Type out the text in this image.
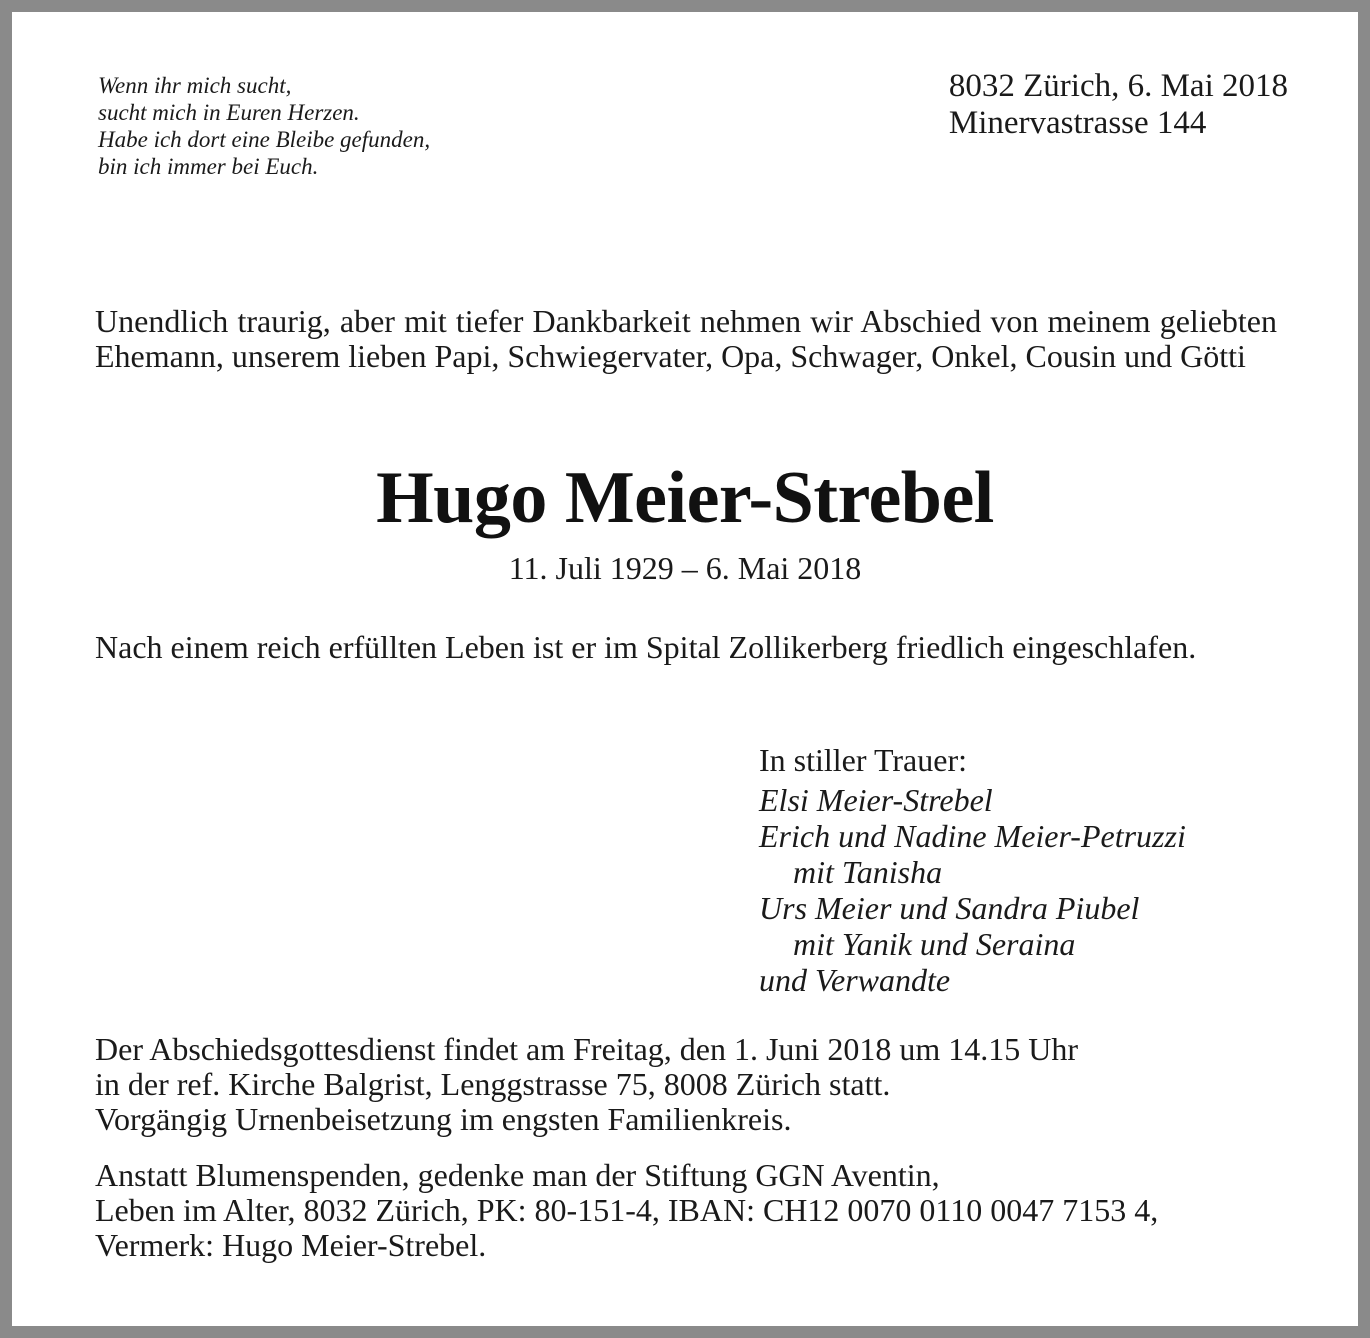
Wenn ihr mich sucht,
sucht mich in Euren Herzen.
Habe ich dort eine Bleibe gefunden,
bin ich immer bei Euch.
8032 Zürich, 6. Mai 2018
Minervastrasse 144
Unendlich traurig, aber mit tiefer Dankbarkeit nehmen wir Abschied von meinem geliebten Ehemann, unserem lieben Papi, Schwiegervater, Opa, Schwager, Onkel, Cousin und Götti
Hugo Meier-Strebel
11. Juli 1929 – 6. Mai 2018
Nach einem reich erfüllten Leben ist er im Spital Zollikerberg friedlich eingeschlafen.
In stiller Trauer:
Elsi Meier-Strebel
Erich und Nadine Meier-Petruzzi
mit Tanisha
Urs Meier und Sandra Piubel
mit Yanik und Seraina
und Verwandte
Der Abschiedsgottesdienst findet am Freitag, den 1. Juni 2018 um 14.15 Uhr
in der ref. Kirche Balgrist, Lenggstrasse 75, 8008 Zürich statt.
Vorgängig Urnenbeisetzung im engsten Familienkreis.
Anstatt Blumenspenden, gedenke man der Stiftung GGN Aventin,
Leben im Alter, 8032 Zürich, PK: 80-151-4, IBAN: CH12 0070 0110 0047 7153 4,
Vermerk: Hugo Meier-Strebel.
